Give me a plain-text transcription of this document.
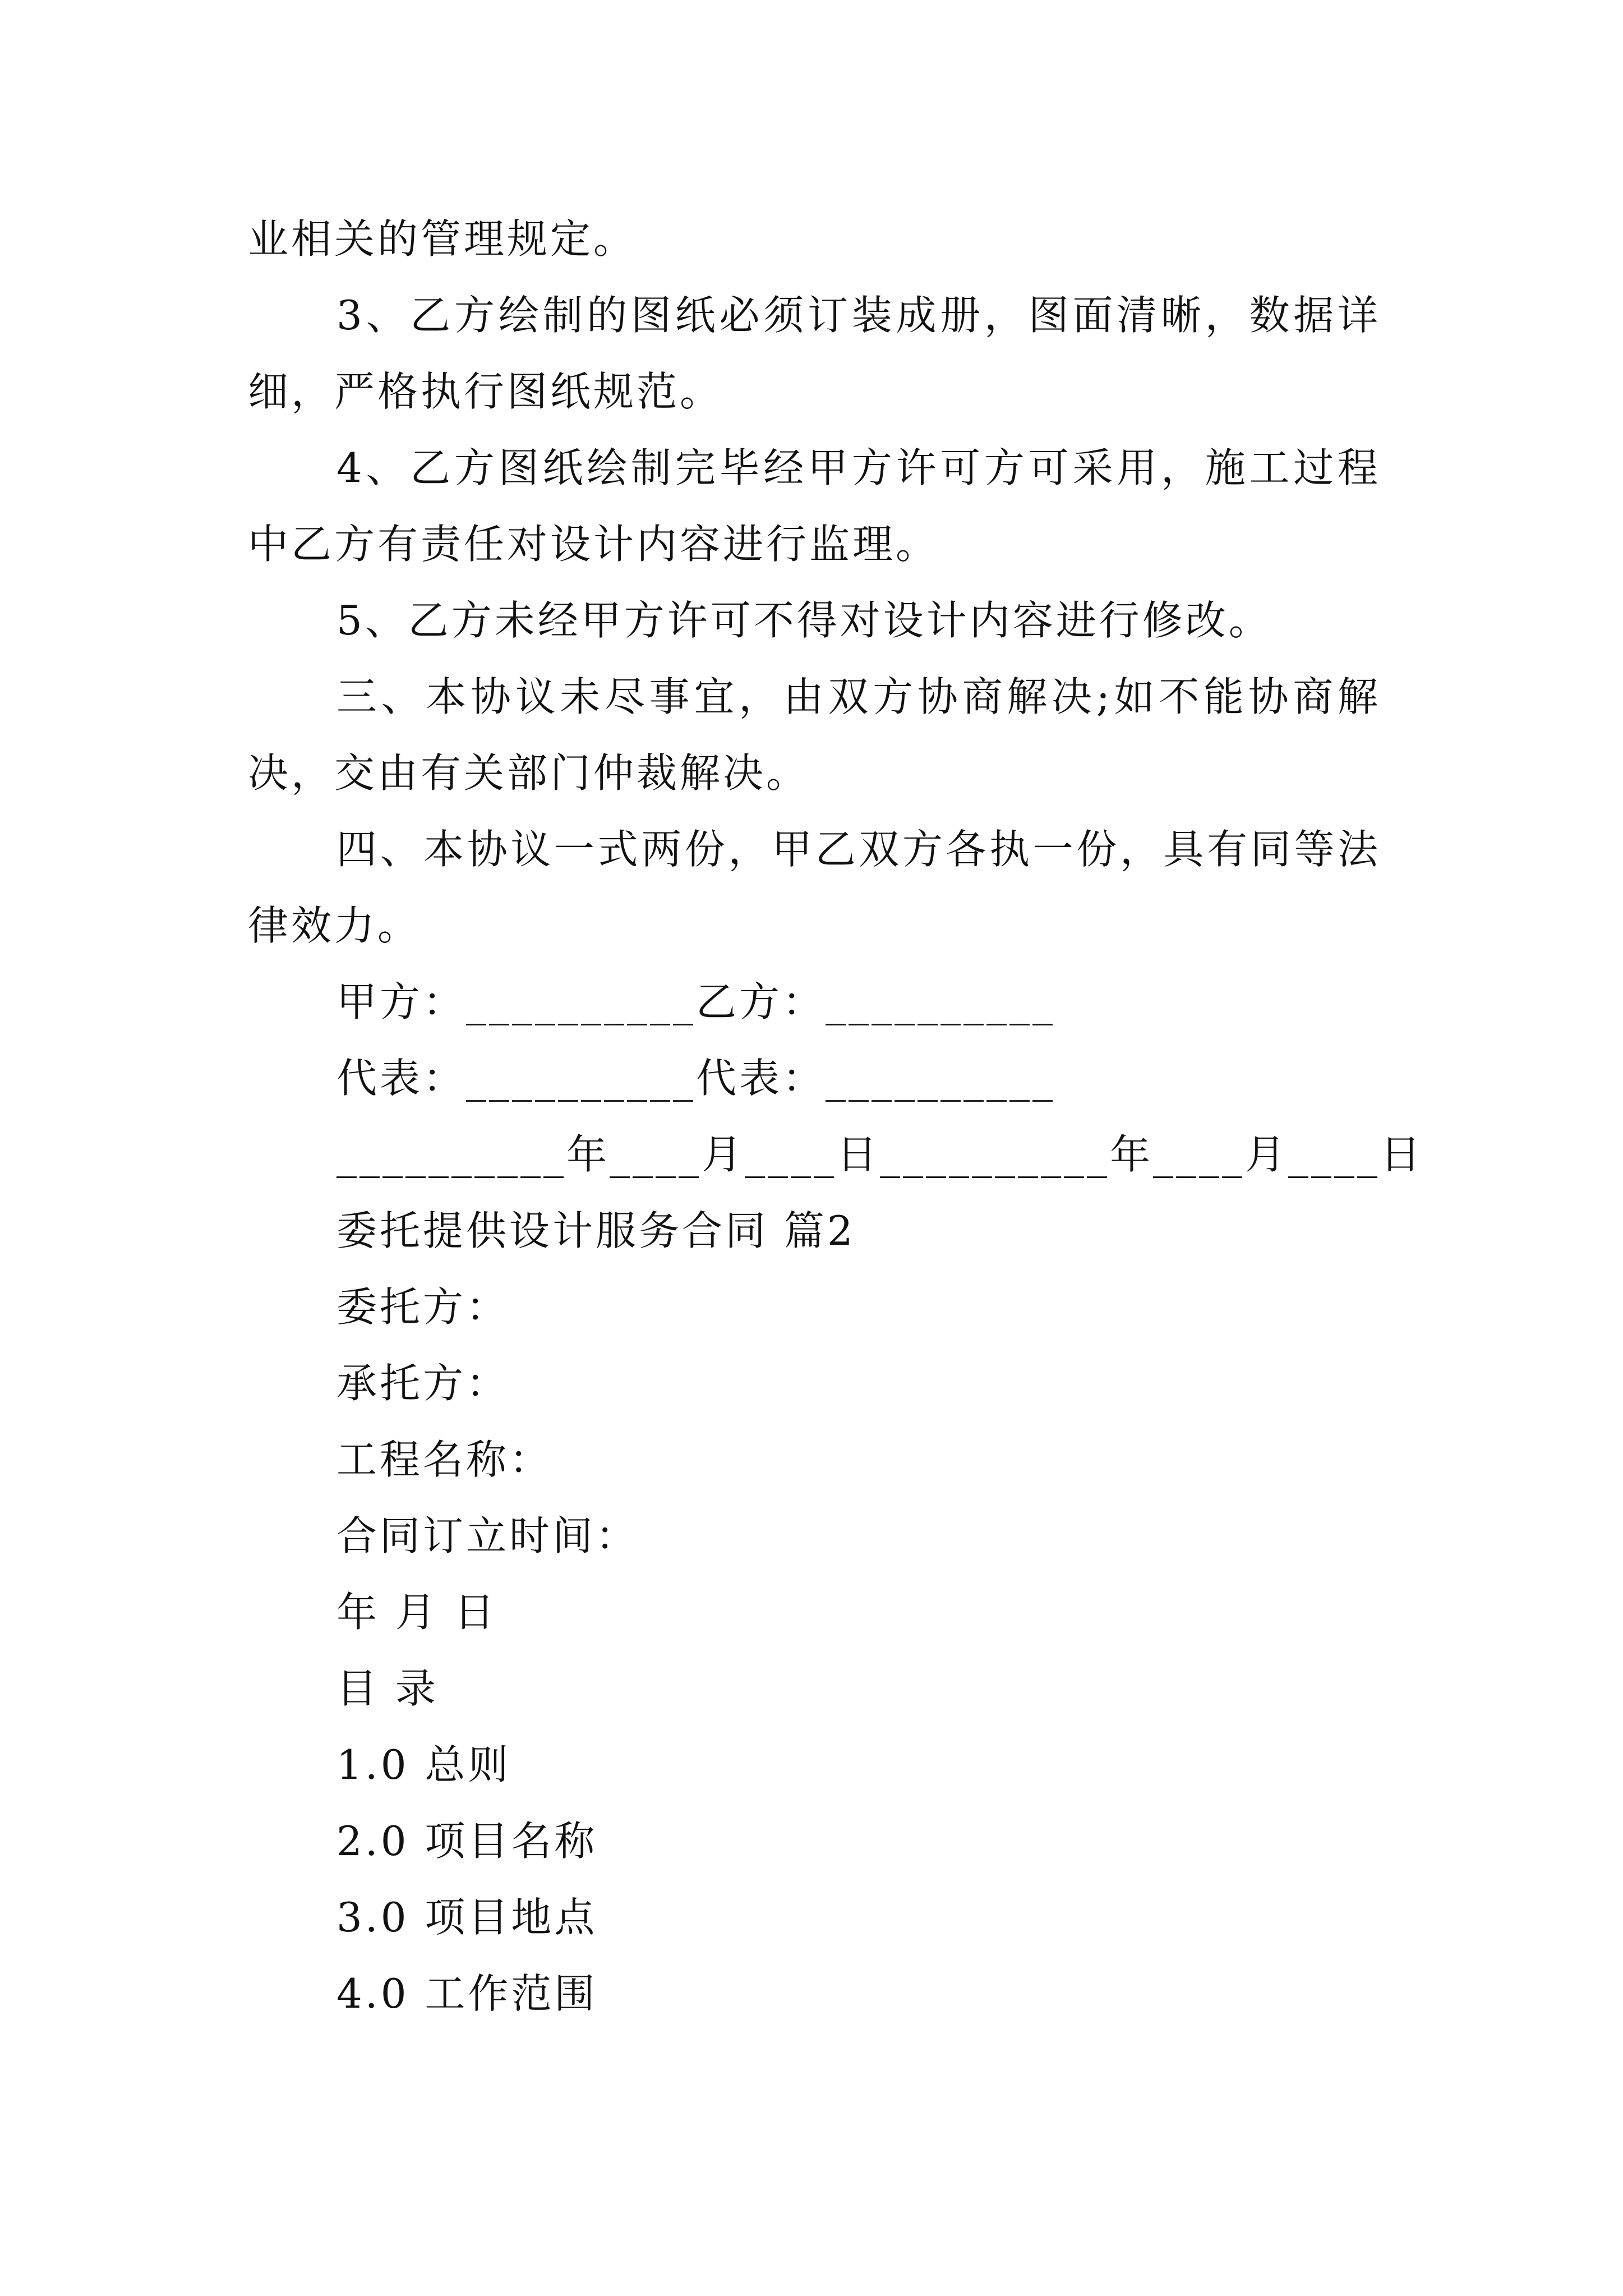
业相关的管理规定。
3、乙方绘制的图纸必须订装成册，图面清晰，数据详
细，严格执行图纸规范。
4、乙方图纸绘制完毕经甲方许可方可采用，施工过程
中乙方有责任对设计内容进行监理。
5、乙方未经甲方许可不得对设计内容进行修改。
三、本协议未尽事宜，由双方协商解决;如不能协商解
决，交由有关部门仲裁解决。
四、本协议一式两份，甲乙双方各执一份，具有同等法
律效力。
甲方：__________乙方：__________
代表：__________代表：__________
__________年____月____日__________年____月____日
委托提供设计服务合同 篇2
委托方：
承托方：
工程名称：
合同订立时间：
年 月 日
目 录
1.0 总则
2.0 项目名称
3.0 项目地点
4.0 工作范围
